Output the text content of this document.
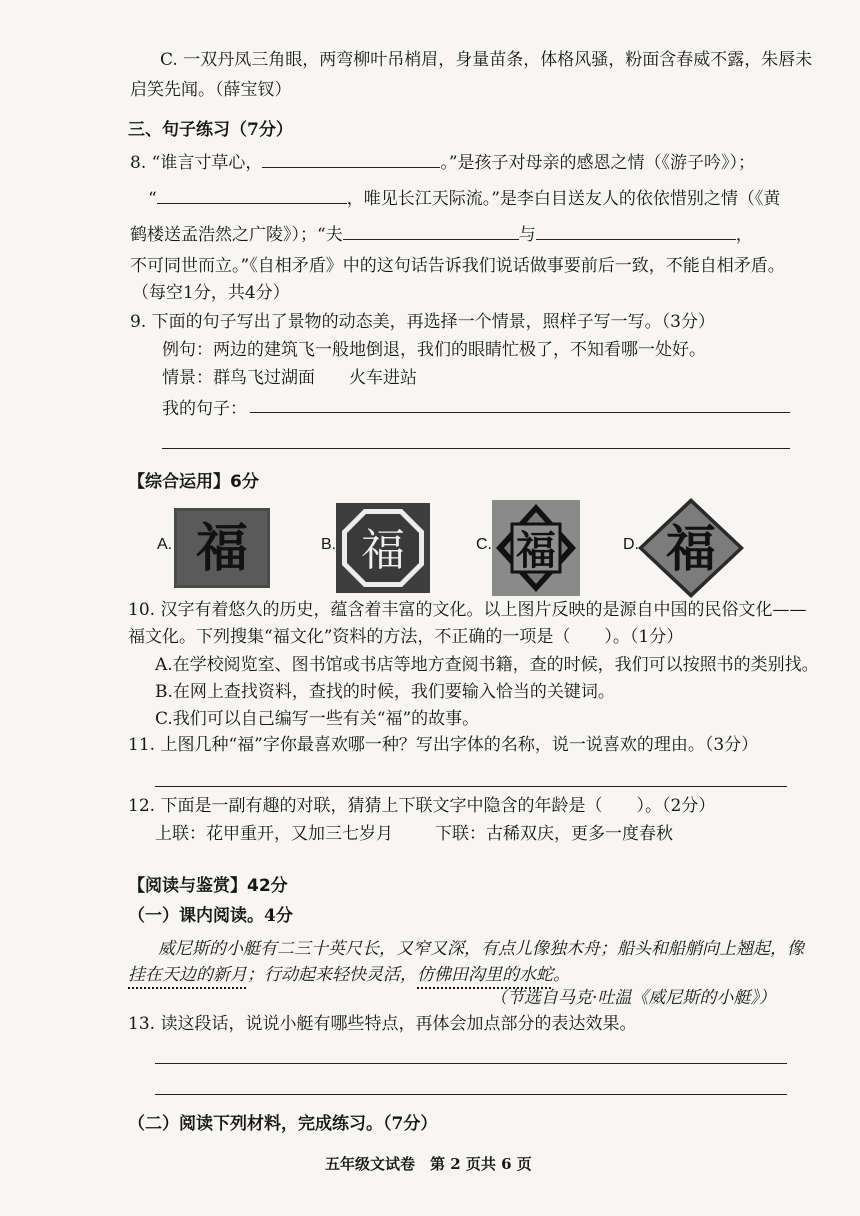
C. 一双丹凤三角眼，两弯柳叶吊梢眉，身量苗条，体格风骚，粉面含春威不露，朱唇未
启笑先闻。（薛宝钗）
三、句子练习（7分）
8. “谁言寸草心，	。”是孩子对母亲的感恩之情（《游子吟》）；
“	，唯见长江天际流。”是李白目送友人的依依惜别之情（《黄
鹤楼送孟浩然之广陵》）；“夫	与	，
不可同世而立。”《自相矛盾》中的这句话告诉我们说话做事要前后一致，不能自相矛盾。
（每空1分，共4分）
9. 下面的句子写出了景物的动态美，再选择一个情景，照样子写一写。（3分）
例句：两边的建筑飞一般地倒退，我们的眼睛忙极了，不知看哪一处好。
情景：群鸟飞过湖面　　火车进站
我的句子：
【综合运用】6分
A. 福	B. 福	C. 福	D. 福
10. 汉字有着悠久的历史，蕴含着丰富的文化。以上图片反映的是源自中国的民俗文化——
福文化。下列搜集“福文化”资料的方法，不正确的一项是（　　）。（1分）
A.在学校阅览室、图书馆或书店等地方查阅书籍，查的时候，我们可以按照书的类别找。
B.在网上查找资料，查找的时候，我们要输入恰当的关键词。
C.我们可以自己编写一些有关“福”的故事。
11. 上图几种“福”字你最喜欢哪一种？写出字体的名称，说一说喜欢的理由。（3分）
12. 下面是一副有趣的对联，猜猜上下联文字中隐含的年龄是（　　）。（2分）
上联：花甲重开，又加三七岁月 下联：古稀双庆，更多一度春秋
【阅读与鉴赏】42分
（一）课内阅读。4分
威尼斯的小艇有二三十英尺长，又窄又深，有点儿像独木舟；船头和船艄向上翘起，像
挂在天边的新月；行动起来轻快灵活，仿佛田沟里的水蛇。
（节选自马克·吐温《威尼斯的小艇》）
13. 读这段话，说说小艇有哪些特点，再体会加点部分的表达效果。
（二）阅读下列材料，完成练习。（7分）
五年级文试卷　第 2 页共 6 页
